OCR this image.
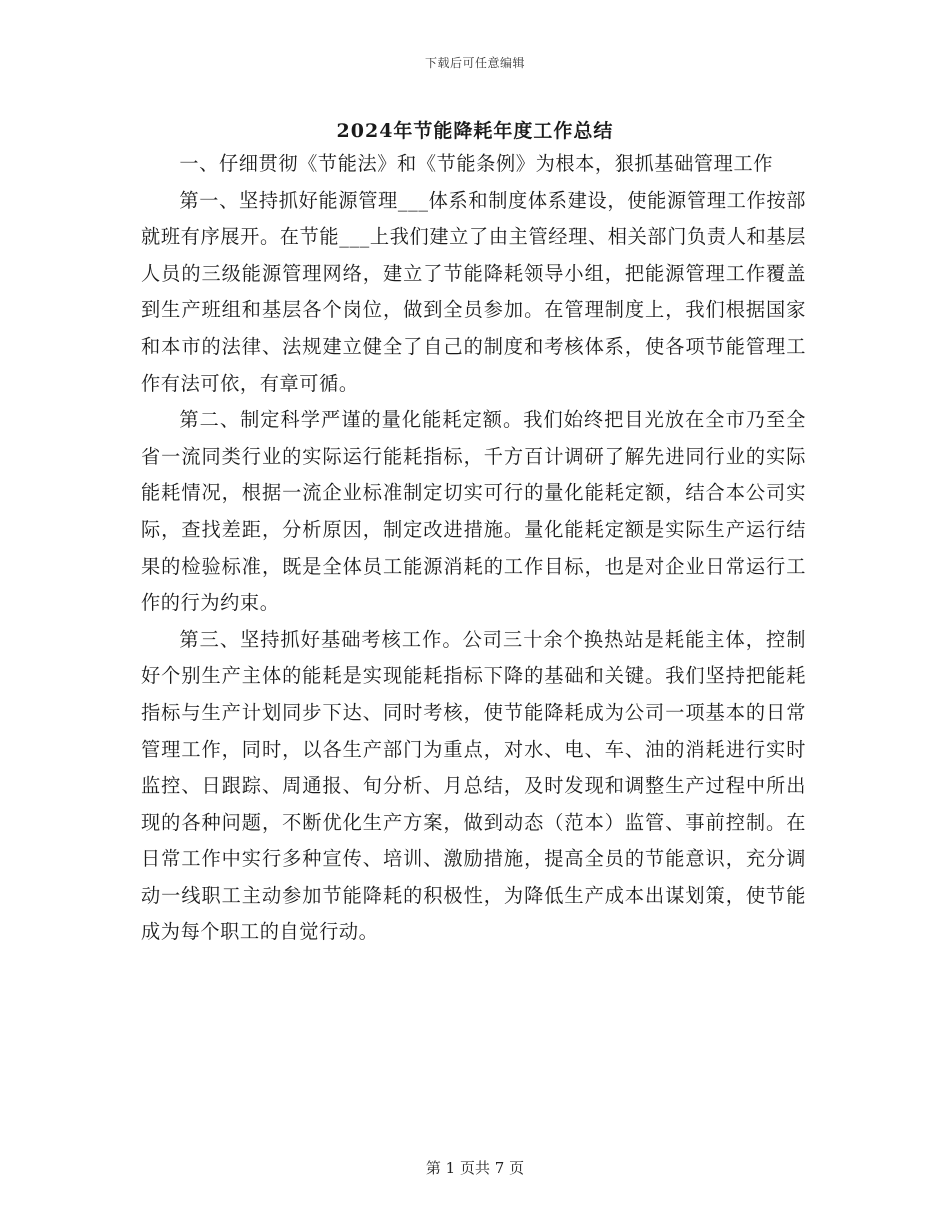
下载后可任意编辑
2024年节能降耗年度工作总结

一、仔细贯彻《节能法》和《节能条例》为根本，狠抓基础管理工作

第一、坚持抓好能源管理___体系和制度体系建设，使能源管理工作按部就班有序展开。在节能___上我们建立了由主管经理、相关部门负责人和基层人员的三级能源管理网络，建立了节能降耗领导小组，把能源管理工作覆盖到生产班组和基层各个岗位，做到全员参加。在管理制度上，我们根据国家和本市的法律、法规建立健全了自己的制度和考核体系，使各项节能管理工作有法可依，有章可循。

第二、制定科学严谨的量化能耗定额。我们始终把目光放在全市乃至全省一流同类行业的实际运行能耗指标，千方百计调研了解先进同行业的实际能耗情况，根据一流企业标准制定切实可行的量化能耗定额，结合本公司实际，查找差距，分析原因，制定改进措施。量化能耗定额是实际生产运行结果的检验标准，既是全体员工能源消耗的工作目标，也是对企业日常运行工作的行为约束。

第三、坚持抓好基础考核工作。公司三十余个换热站是耗能主体，控制好个别生产主体的能耗是实现能耗指标下降的基础和关键。我们坚持把能耗指标与生产计划同步下达、同时考核，使节能降耗成为公司一项基本的日常管理工作，同时，以各生产部门为重点，对水、电、车、油的消耗进行实时监控、日跟踪、周通报、旬分析、月总结，及时发现和调整生产过程中所出现的各种问题，不断优化生产方案，做到动态（范本）监管、事前控制。在日常工作中实行多种宣传、培训、激励措施，提高全员的节能意识，充分调动一线职工主动参加节能降耗的积极性，为降低生产成本出谋划策，使节能成为每个职工的自觉行动。

第 1 页共 7 页
